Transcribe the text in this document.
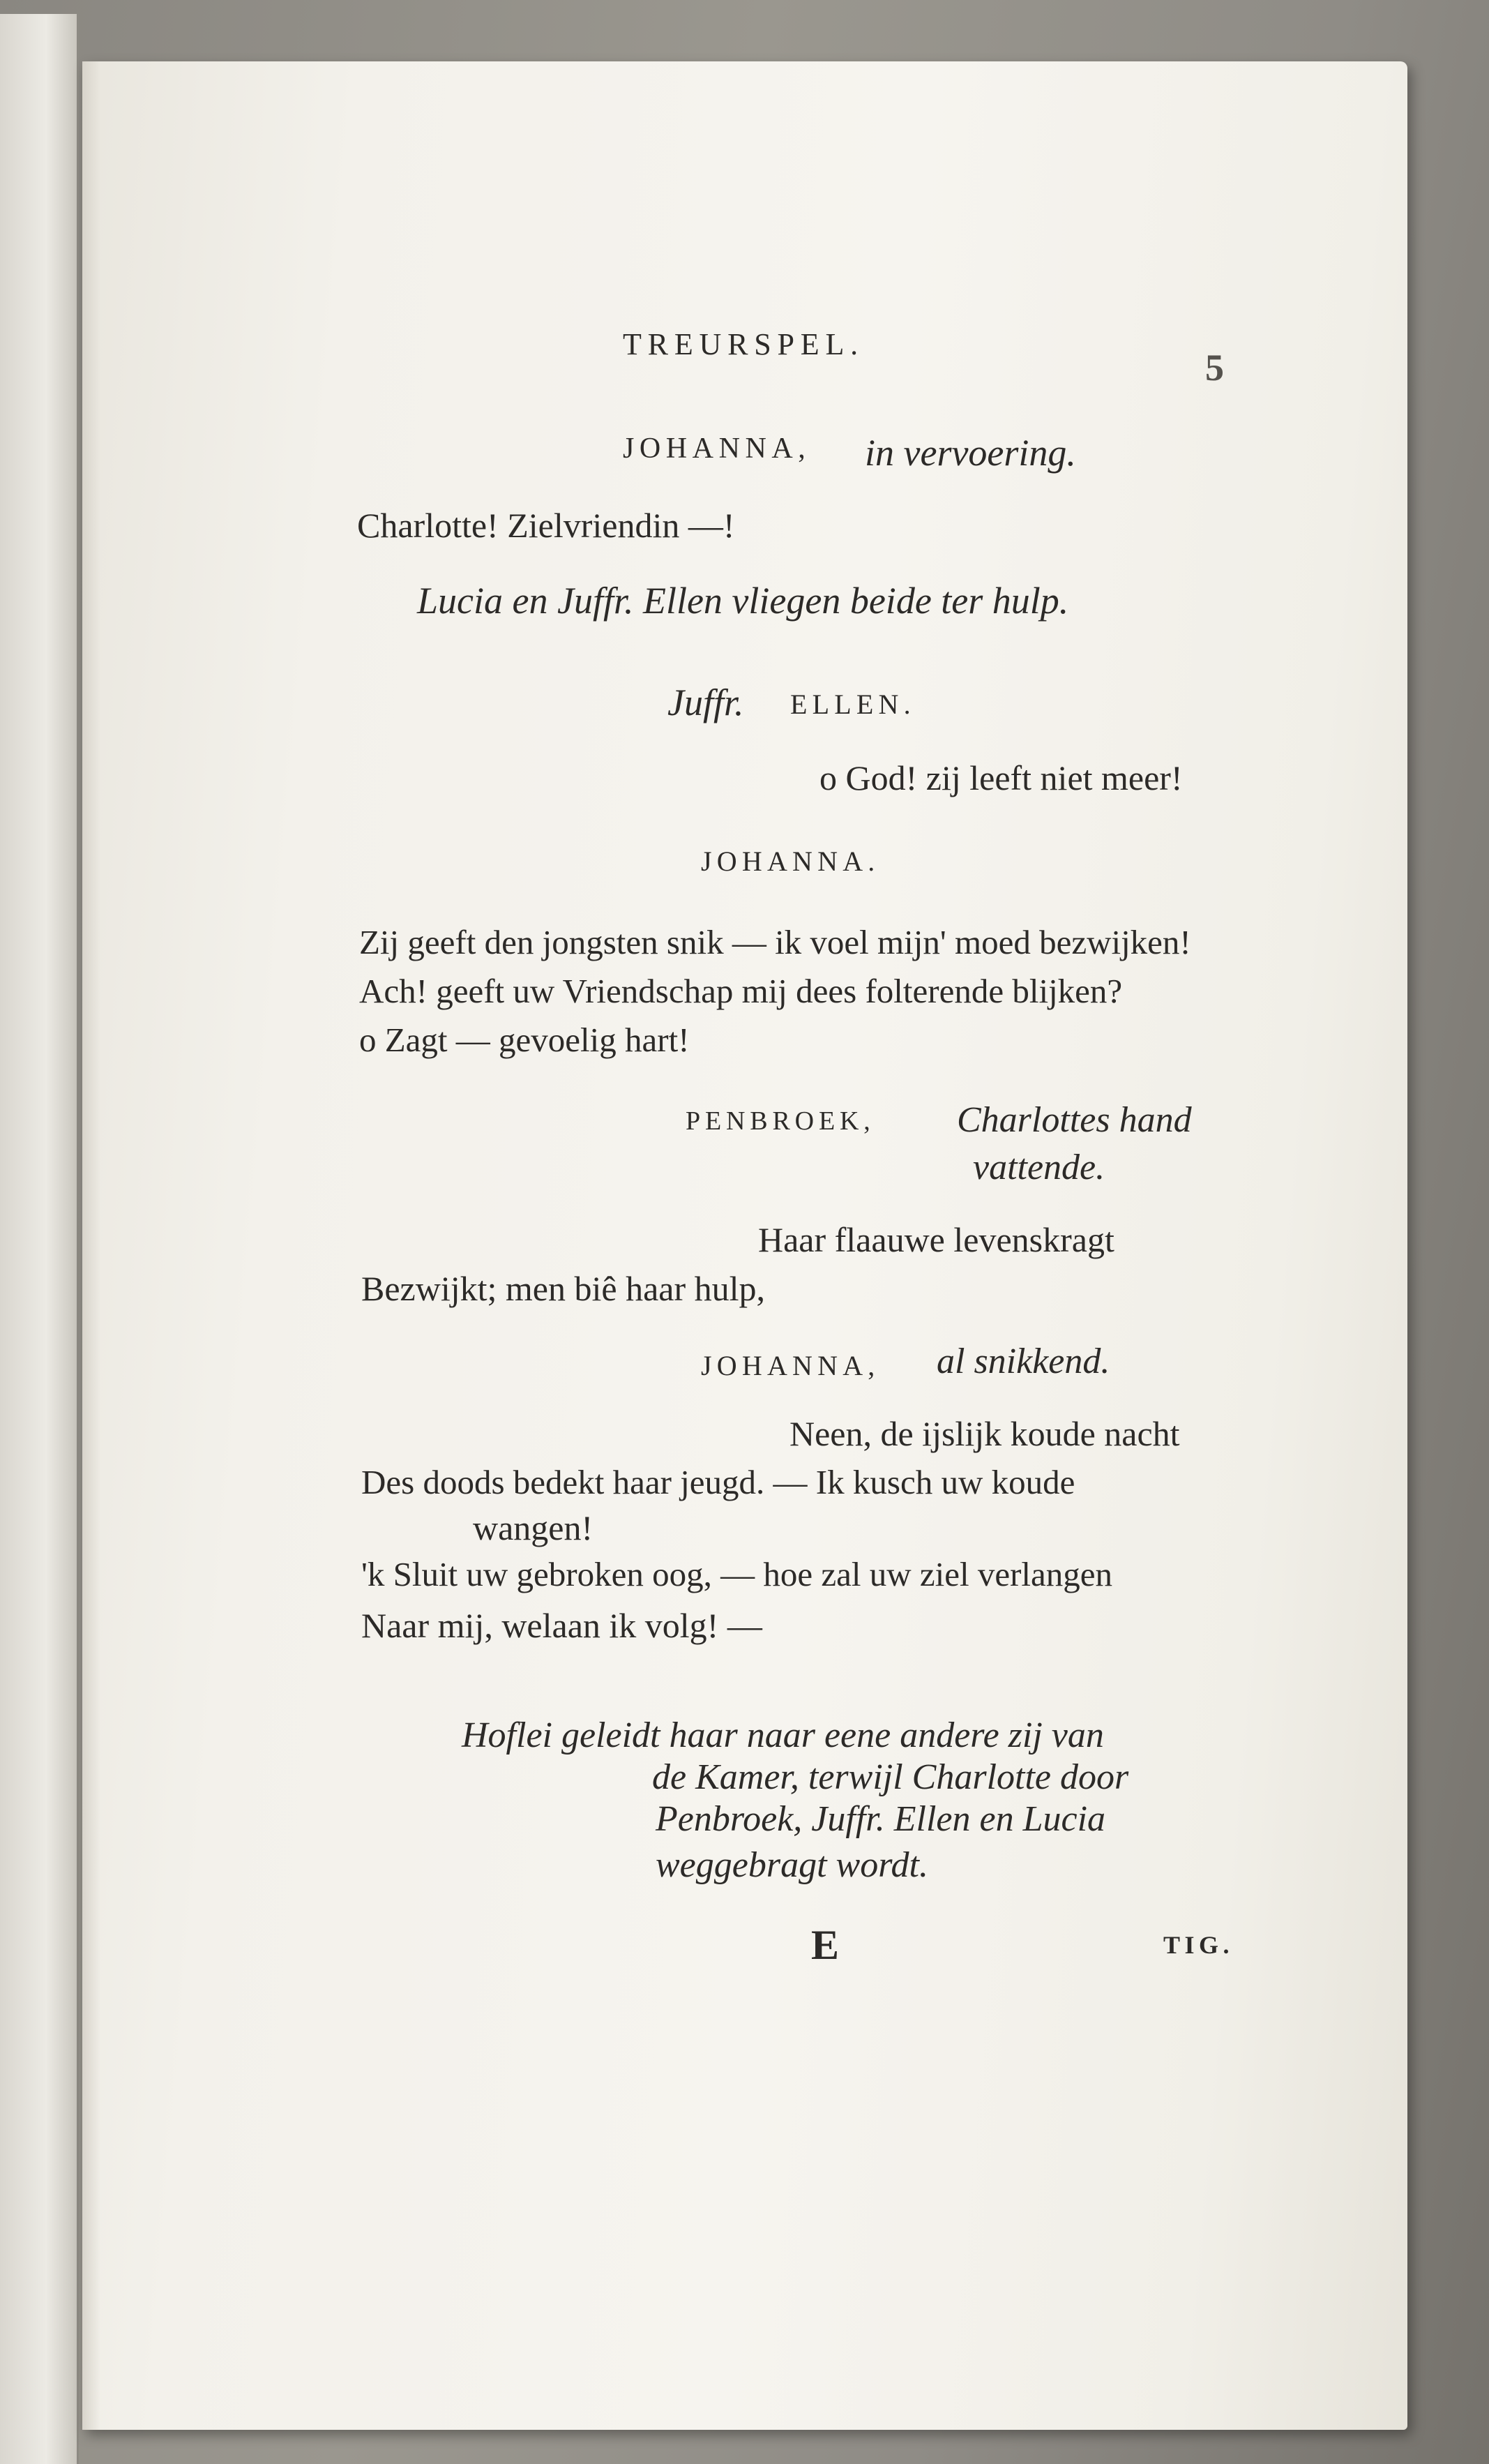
TREURSPEL.
5
JOHANNA, in vervoering.
Charlotte! Zielvriendin —!
Lucia en Juffr. Ellen vliegen beide ter hulp.
Juffr. ELLEN.
o God! zij leeft niet meer!
JOHANNA.
Zij geeft den jongsten snik — ik voel mijn' moed bezwijken!
Ach! geeft uw Vriendschap mij dees folterende blijken?
o Zagt — gevoelig hart!
PENBROEK, Charlottes hand
vattende.
Haar flaauwe levenskragt
Bezwijkt; men biê haar hulp,
JOHANNA, al snikkend.
Neen, de ijslijk koude nacht
Des doods bedekt haar jeugd. — Ik kusch uw koude
wangen!
'k Sluit uw gebroken oog, — hoe zal uw ziel verlangen
Naar mij, welaan ik volg! —
Hoflei geleidt haar naar eene andere zij van
de Kamer, terwijl Charlotte door
Penbroek, Juffr. Ellen en Lucia
weggebragt wordt.
E	TIG.
